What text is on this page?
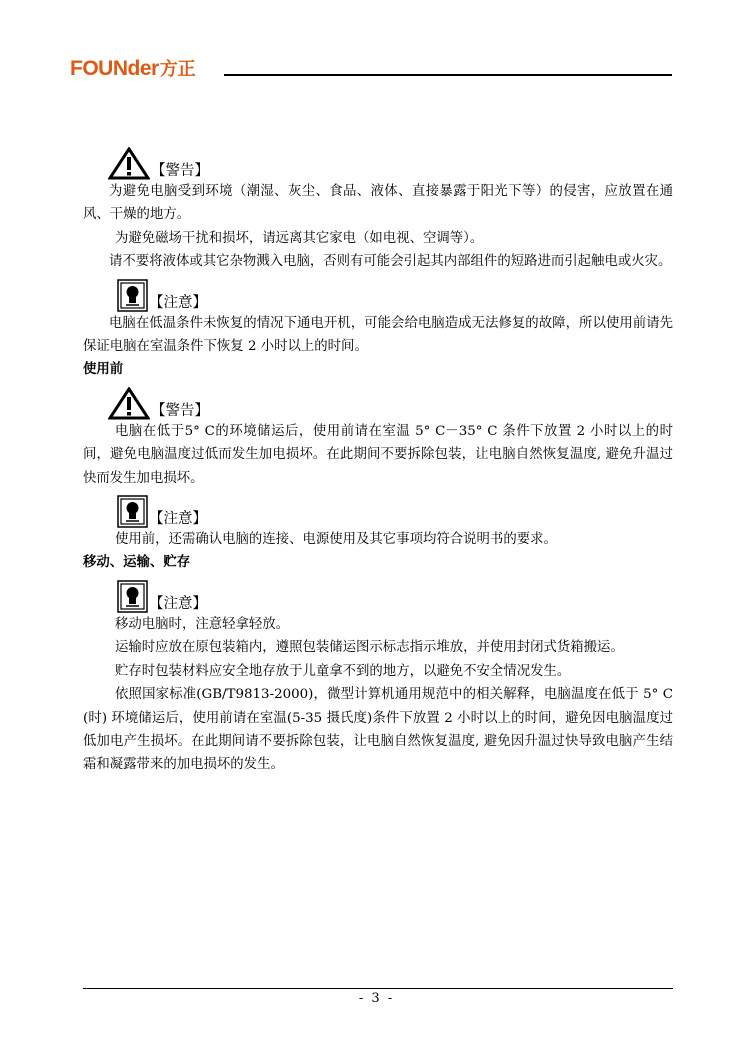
FOUNder方正
【警告】

为避免电脑受到环境（潮湿、灰尘、食品、液体、直接暴露于阳光下等）的侵害，应放置在通风、干燥的地方。

为避免磁场干扰和损坏，请远离其它家电（如电视、空调等）。

请不要将液体或其它杂物溅入电脑，否则有可能会引起其内部组件的短路进而引起触电或火灾。

【注意】

电脑在低温条件未恢复的情况下通电开机，可能会给电脑造成无法修复的故障，所以使用前请先保证电脑在室温条件下恢复 2 小时以上的时间。

使用前

【警告】

电脑在低于5° C的环境储运后，使用前请在室温 5° C－35° C 条件下放置 2 小时以上的时间，避免电脑温度过低而发生加电损坏。在此期间不要拆除包装，让电脑自然恢复温度, 避免升温过快而发生加电损坏。

【注意】

使用前，还需确认电脑的连接、电源使用及其它事项均符合说明书的要求。

移动、运输、贮存

【注意】

移动电脑时，注意轻拿轻放。

运输时应放在原包装箱内，遵照包装储运图示标志指示堆放，并使用封闭式货箱搬运。

贮存时包装材料应安全地存放于儿童拿不到的地方，以避免不安全情况发生。

依照国家标准(GB/T9813-2000)，微型计算机通用规范中的相关解释，电脑温度在低于 5° C (时) 环境储运后，使用前请在室温(5-35 摄氏度)条件下放置 2 小时以上的时间，避免因电脑温度过低加电产生损坏。在此期间请不要拆除包装，让电脑自然恢复温度, 避免因升温过快导致电脑产生结霜和凝露带来的加电损坏的发生。

- 3 -
